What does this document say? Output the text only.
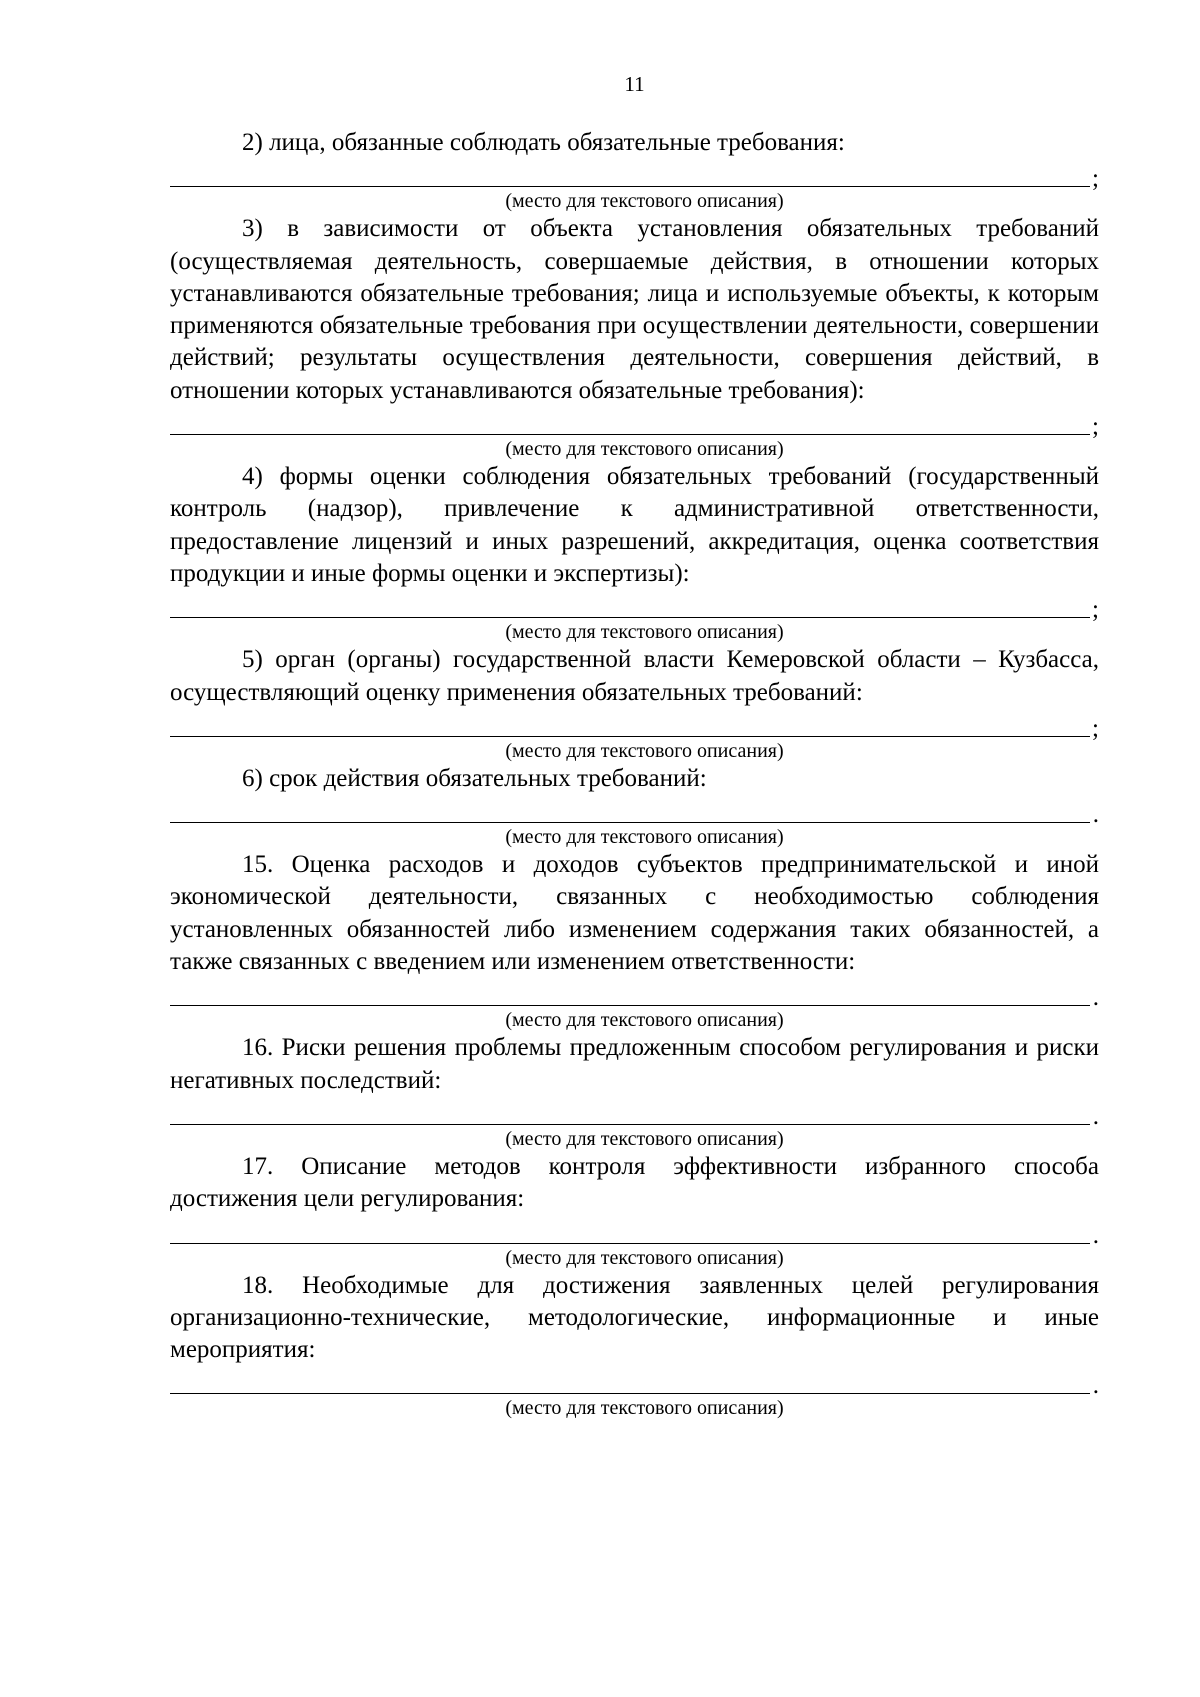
11

2) лица, обязанные соблюдать обязательные требования:

;

(место для текстового описания)

3) в зависимости от объекта установления обязательных требований (осуществляемая деятельность, совершаемые действия, в отношении которых устанавливаются обязательные требования; лица и используемые объекты, к которым применяются обязательные требования при осуществлении деятельности, совершении действий; результаты осуществления деятельности, совершения действий, в отношении которых устанавливаются обязательные требования):

;

(место для текстового описания)

4) формы оценки соблюдения обязательных требований (государственный контроль (надзор), привлечение к административной ответственности, предоставление лицензий и иных разрешений, аккредитация, оценка соответствия продукции и иные формы оценки и экспертизы):

;

(место для текстового описания)

5) орган (органы) государственной власти Кемеровской области – Кузбасса, осуществляющий оценку применения обязательных требований:

;

(место для текстового описания)

6) срок действия обязательных требований:

.

(место для текстового описания)

15. Оценка расходов и доходов субъектов предпринимательской и иной экономической деятельности, связанных с необходимостью соблюдения установленных обязанностей либо изменением содержания таких обязанностей, а также связанных с введением или изменением ответственности:

.

(место для текстового описания)

16. Риски решения проблемы предложенным способом регулирования и риски негативных последствий:

.

(место для текстового описания)

17. Описание методов контроля эффективности избранного способа достижения цели регулирования:

.

(место для текстового описания)

18. Необходимые для достижения заявленных целей регулирования организационно-технические, методологические, информационные и иные мероприятия:

.

(место для текстового описания)
